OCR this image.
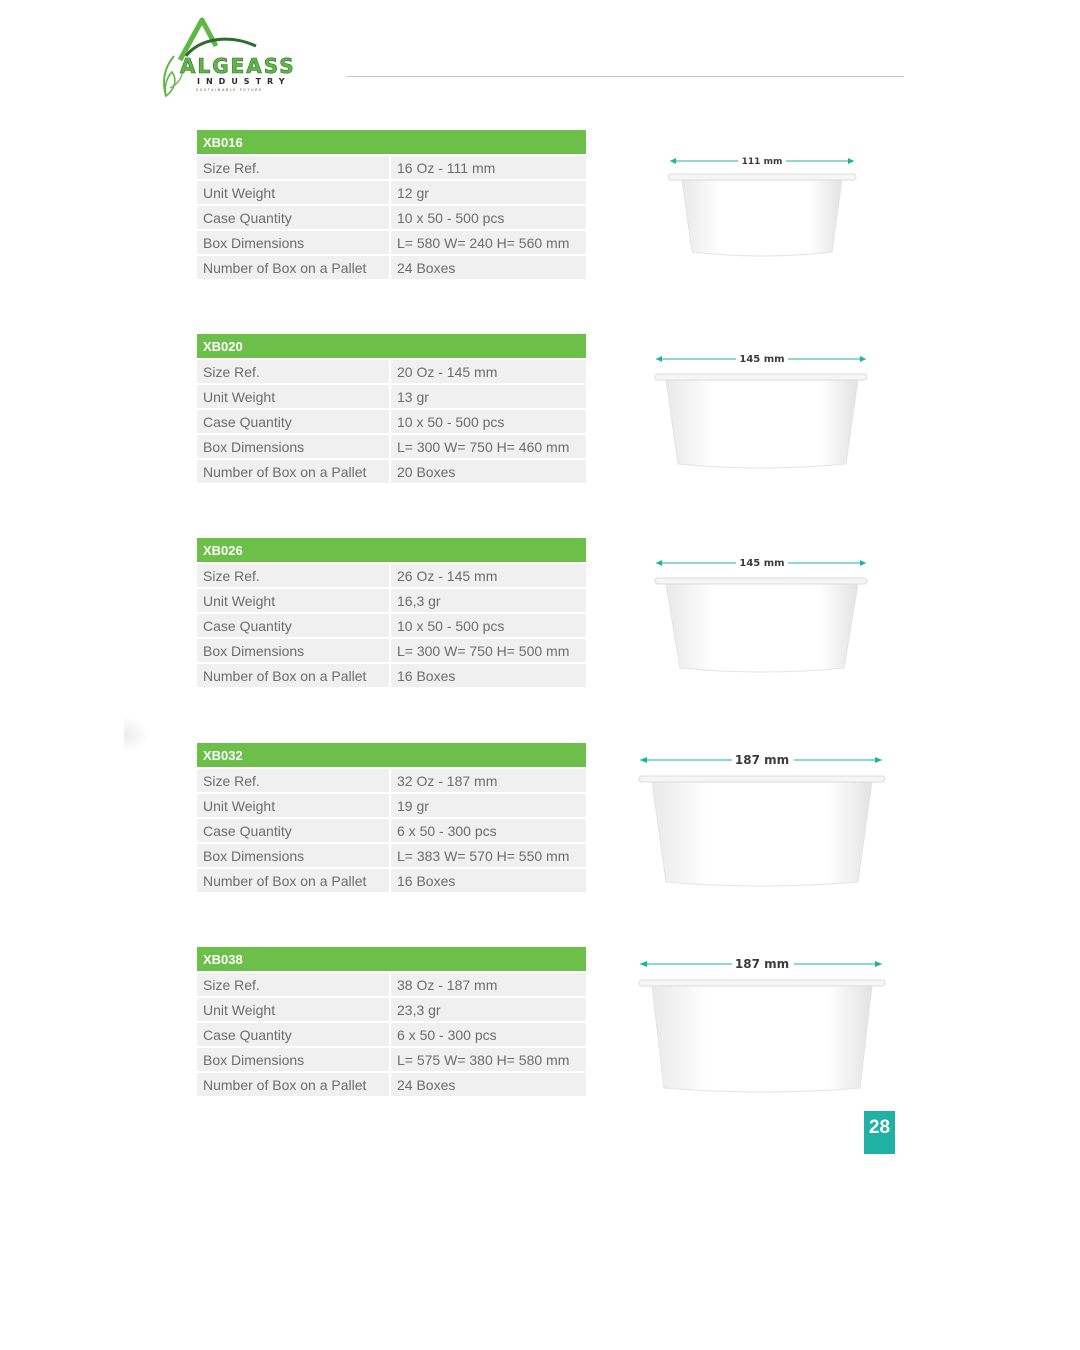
ALGEASS
INDUSTRY
SUSTAINABLE FUTURE
XB016
Size Ref.	16 Oz - 111 mm
Unit Weight	12 gr
Case Quantity	10 x 50 - 500 pcs
Box Dimensions	L= 580 W= 240 H= 560 mm
Number of Box on a Pallet	24 Boxes
111 mm
XB020
Size Ref.	20 Oz - 145 mm
Unit Weight	13 gr
Case Quantity	10 x 50 - 500 pcs
Box Dimensions	L= 300 W= 750 H= 460 mm
Number of Box on a Pallet	20 Boxes
145 mm
XB026
Size Ref.	26 Oz - 145 mm
Unit Weight	16,3 gr
Case Quantity	10 x 50 - 500 pcs
Box Dimensions	L= 300 W= 750 H= 500 mm
Number of Box on a Pallet	16 Boxes
145 mm
XB032
Size Ref.	32 Oz - 187 mm
Unit Weight	19 gr
Case Quantity	6 x 50 - 300 pcs
Box Dimensions	L= 383 W= 570 H= 550 mm
Number of Box on a Pallet	16 Boxes
187 mm
XB038
Size Ref.	38 Oz - 187 mm
Unit Weight	23,3 gr
Case Quantity	6 x 50 - 300 pcs
Box Dimensions	L= 575 W= 380 H= 580 mm
Number of Box on a Pallet	24 Boxes
187 mm
28
